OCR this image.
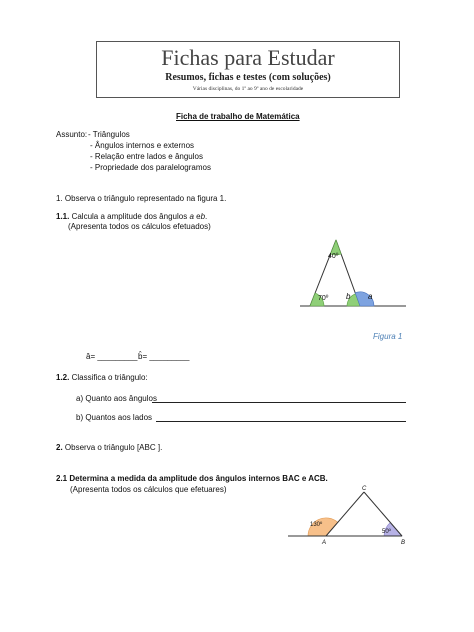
Fichas para Estudar
Resumos, fichas e testes (com soluções)
Várias disciplinas, do 1º ao 9º ano de escolaridade
Ficha de trabalho de Matemática
Assunto: - Triângulos
- Ângulos internos e externos
- Relação entre lados e ângulos
- Propriedade dos paralelogramos
1. Observa o triângulo representado na figura 1.
1.1. Calcula a amplitude dos ângulos a eb.
(Apresenta todos os cálculos efetuados)
40º
70º b a
Figura 1
â= _________ b̂= _________
1.2. Classifica o triângulo:
a) Quanto aos ângulos
b) Quantos aos lados
2. Observa o triângulo [ABC ].
2.1 Determina a medida da amplitude dos ângulos internos BAC e ACB.
(Apresenta todos os cálculos que efetuares)	C
A	B
130º
50º
